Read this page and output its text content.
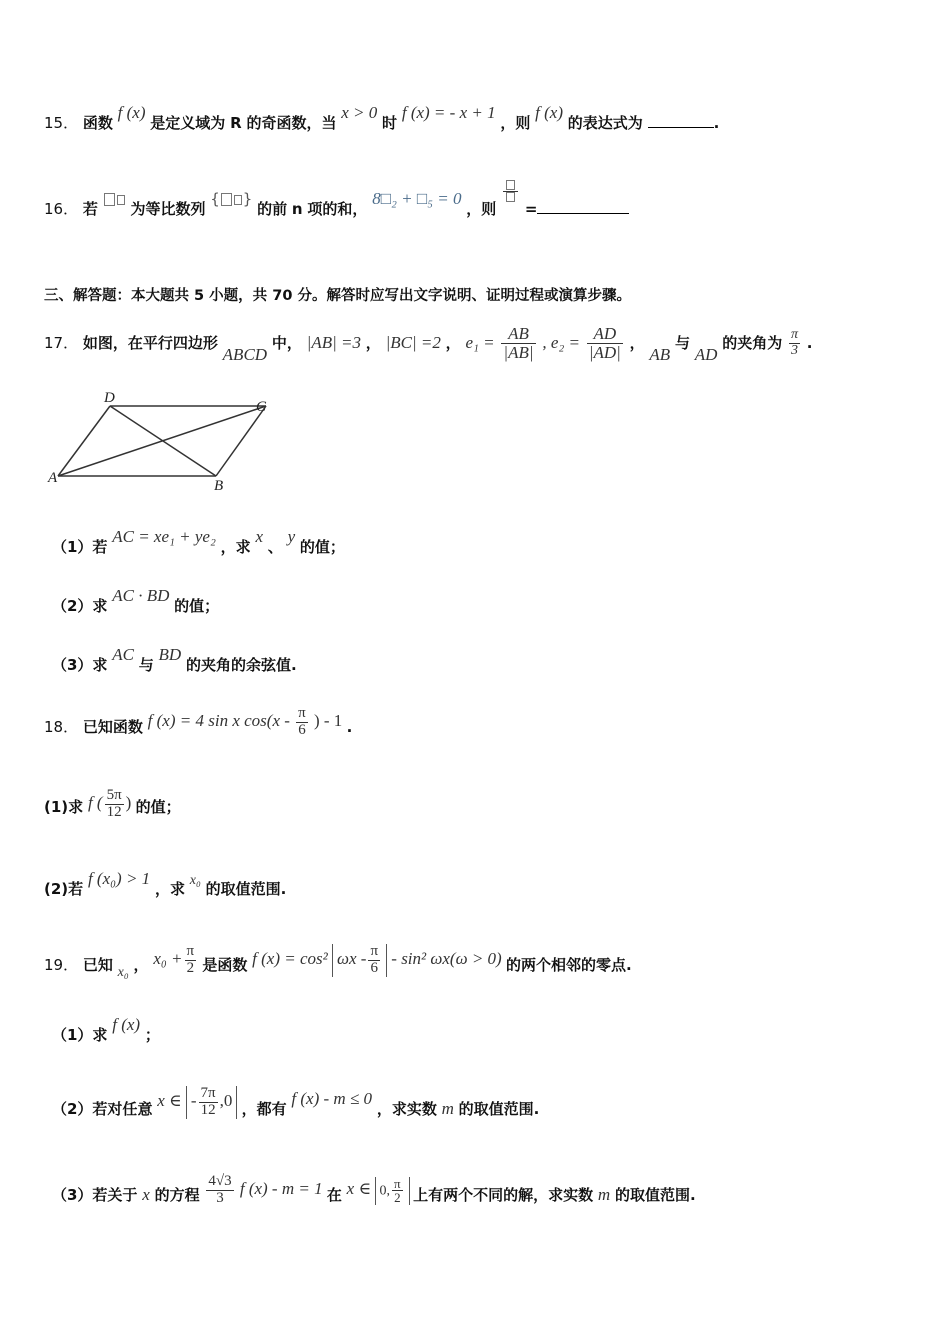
15． 函数 f (x) 是定义域为 R 的奇函数，当 x > 0 时 f (x) = - x + 1 ，则 f (x) 的表达式为	.
16． 若 为等比数列 { } 的前 n 项的和， 8□₂ + □₅ = 0 ，则 =
三、解答题：本大题共 5 小题，共 70 分。解答时应写出文字说明、证明过程或演算步骤。
17． 如图，在平行四边形 ABCD 中， |AB| =3 ， |BC| =2 ， $e_1 = \frac{AB}{|AB|}$ , $e_2 = \frac{AD}{|AD|}$ ， AB 与 AD 的夹角为 $\frac{\pi}{3}$ .
A	B
C
D
（1）若 AC = xe₁ + ye₂ ，求 x 、 y 的值；
（2）求 AC · BD 的值；
（3）求 AC 与 BD 的夹角的余弦值.
18． 已知函数 f (x) = 4 sin x $\cos(x - \frac{\pi}{6}$ ) - 1 .
(1)求 f ( $\frac{5\pi}{12}$ ) 的值；
(2)若 f (x₀) > 1 ，求 x₀ 的取值范围.
19． 已知 x₀ ， $x_0 + \frac{\pi}{2}$ 是函数 f (x) = cos² ωx - $\frac{\pi}{6} - \sin^2$ ωx(ω > 0) 的两个相邻的零点.
（1）求 f (x) ；
（2）若对任意 x ∈ - $\frac{7\pi}{12} ,0$ ，都有 f (x) - m ≤ 0 ，求实数 m 的取值范围.
（3）若关于 x 的方程 $\frac{4√3}{3}$ f (x) - m = 1 在 x ∈ 0, $\frac{\pi}{2}$ 上有两个不同的解，求实数 m 的取值范围.
